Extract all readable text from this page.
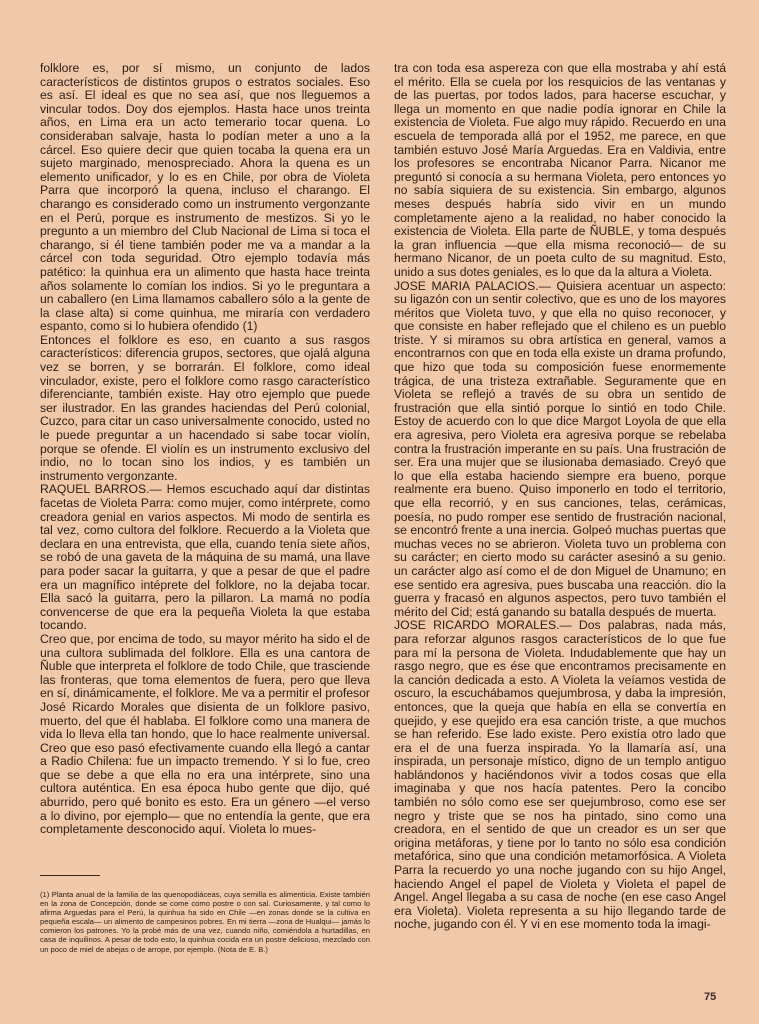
folklore es, por sí mismo, un conjunto de lados característicos de distintos grupos o estratos sociales. Eso es así. El ideal es que no sea así, que nos lleguemos a vincular todos. Doy dos ejemplos. Hasta hace unos treinta años, en Lima era un acto temerario tocar quena. Lo consideraban salvaje, hasta lo podían meter a uno a la cárcel. Eso quiere decir que quien tocaba la quena era un sujeto marginado, menospreciado. Ahora la quena es un elemento unificador, y lo es en Chile, por obra de Violeta Parra que incorporó la quena, incluso el charango. El charango es considerado como un instrumento vergonzante en el Perú, porque es instrumento de mestizos. Si yo le pregunto a un miembro del Club Nacional de Lima si toca el charango, si él tiene también poder me va a mandar a la cárcel con toda seguridad. Otro ejemplo todavía más patético: la quinhua era un alimento que hasta hace treinta años solamente lo comían los indios. Si yo le preguntara a un caballero (en Lima llamamos caballero sólo a la gente de la clase alta) si come quinhua, me miraría con verdadero espanto, como si lo hubiera ofendido (1)

Entonces el folklore es eso, en cuanto a sus rasgos característicos: diferencia grupos, sectores, que ojalá alguna vez se borren, y se borrarán. El folklore, como ideal vinculador, existe, pero el folklore como rasgo característico diferenciante, también existe. Hay otro ejemplo que puede ser ilustrador. En las grandes haciendas del Perú colonial, Cuzco, para citar un caso universalmente conocido, usted no le puede preguntar a un hacendado si sabe tocar violín, porque se ofende. El violín es un instrumento exclusivo del indio, no lo tocan sino los indios, y es también un instrumento vergonzante.

RAQUEL BARROS.— Hemos escuchado aquí dar distintas facetas de Violeta Parra: como mujer, como intérprete, como creadora genial en varios aspectos. Mi modo de sentirla es tal vez, como cultora del folklore. Recuerdo a la Violeta que declara en una entrevista, que ella, cuando tenía siete años, se robó de una gaveta de la máquina de su mamá, una llave para poder sacar la guitarra, y que a pesar de que el padre era un magnífico intéprete del folklore, no la dejaba tocar. Ella sacó la guitarra, pero la pillaron. La mamá no podía convencerse de que era la pequeña Violeta la que estaba tocando.

Creo que, por encima de todo, su mayor mérito ha sido el de una cultora sublimada del folklore. Ella es una cantora de Ñuble que interpreta el folklore de todo Chile, que trasciende las fronteras, que toma elementos de fuera, pero que lleva en sí, dinámicamente, el folklore. Me va a permitir el profesor José Ricardo Morales que disienta de un folklore pasivo, muerto, del que él hablaba. El folklore como una manera de vida lo lleva ella tan hondo, que lo hace realmente universal. Creo que eso pasó efectivamente cuando ella llegó a cantar a Radio Chilena: fue un impacto tremendo. Y si lo fue, creo que se debe a que ella no era una intérprete, sino una cultora auténtica. En esa época hubo gente que dijo, qué aburrido, pero qué bonito es esto. Era un género —el verso a lo divino, por ejemplo— que no entendía la gente, que era completamente desconocido aquí. Violeta lo mues-

tra con toda esa aspereza con que ella mostraba y ahí está el mérito. Ella se cuela por los resquicios de las ventanas y de las puertas, por todos lados, para hacerse escuchar, y llega un momento en que nadie podía ignorar en Chile la existencia de Violeta. Fue algo muy rápido. Recuerdo en una escuela de temporada allá por el 1952, me parece, en que también estuvo José María Arguedas. Era en Valdivia, entre los profesores se encontraba Nicanor Parra. Nicanor me preguntó si conocía a su hermana Violeta, pero entonces yo no sabía siquiera de su existencia. Sin embargo, algunos meses después habría sido vivir en un mundo completamente ajeno a la realidad, no haber conocido la existencia de Violeta. Ella parte de ÑUBLE, y toma después la gran influencia —que ella misma reconoció— de su hermano Nicanor, de un poeta culto de su magnitud. Esto, unido a sus dotes geniales, es lo que da la altura a Violeta.

JOSE MARIA PALACIOS.— Quisiera acentuar un aspecto: su ligazón con un sentir colectivo, que es uno de los mayores méritos que Violeta tuvo, y que ella no quiso reconocer, y que consiste en haber reflejado que el chileno es un pueblo triste. Y si miramos su obra artística en general, vamos a encontrarnos con que en toda ella existe un drama profundo, que hizo que toda su composición fuese enormemente trágica, de una tristeza extrañable. Seguramente que en Violeta se reflejó a través de su obra un sentido de frustración que ella sintió porque lo sintió en todo Chile. Estoy de acuerdo con lo que dice Margot Loyola de que ella era agresiva, pero Violeta era agresiva porque se rebelaba contra la frustración imperante en su país. Una frustración de ser. Era una mujer que se ilusionaba demasiado. Creyó que lo que ella estaba haciendo siempre era bueno, porque realmente era bueno. Quiso imponerlo en todo el territorio, que ella recorrió, y en sus canciones, telas, cerámicas, poesía, no pudo romper ese sentido de frustración nacional, se encontró frente a una inercia. Golpeó muchas puertas que muchas veces no se abrieron. Violeta tuvo un problema con su carácter; en cierto modo su carácter asesinó a su genio. un carácter algo así como el de don Miguel de Unamuno; en ese sentido era agresiva, pues buscaba una reacción. dio la guerra y fracasó en algunos aspectos, pero tuvo también el mérito del Cid; está ganando su batalla después de muerta.

JOSE RICARDO MORALES.— Dos palabras, nada más, para reforzar algunos rasgos característicos de lo que fue para mí la persona de Violeta. Indudablemente que hay un rasgo negro, que es ése que encontramos precisamente en la canción dedicada a esto. A Violeta la veíamos vestida de oscuro, la escuchábamos quejumbrosa, y daba la impresión, entonces, que la queja que había en ella se convertía en quejido, y ese quejido era esa canción triste, a que muchos se han referido. Ese lado existe. Pero existía otro lado que era el de una fuerza inspirada. Yo la llamaría así, una inspirada, un personaje místico, digno de un templo antiguo hablándonos y haciéndonos vivir a todos cosas que ella imaginaba y que nos hacía patentes. Pero la concibo también no sólo como ese ser quejumbroso, como ese ser negro y triste que se nos ha pintado, sino como una creadora, en el sentido de que un creador es un ser que origina metáforas, y tiene por lo tanto no sólo esa condición metafórica, sino que una condición metamorfósica. A Violeta Parra la recuerdo yo una noche jugando con su hijo Angel, haciendo Angel el papel de Violeta y Violeta el papel de Angel. Angel llegaba a su casa de noche (en ese caso Angel era Violeta). Violeta representa a su hijo llegando tarde de noche, jugando con él. Y vi en ese momento toda la imagi-

(1) Planta anual de la familia de las quenopodiáceas, cuya semilla es alimenticia. Existe también en la zona de Concepción, donde se come como postre o con sal. Curiosamente, y tal como lo afirma Arguedas para el Perú, la quinhua ha sido en Chile —en zonas donde se la cultiva en pequeña escala— un alimento de campesinos pobres. En mi tierra —zona de Hualqui— jamás lo comieron los patrones. Yo la probé más de una vez, cuando niño, comiéndola a hurtadillas, en casa de inquilinos. A pesar de todo esto, la quinhua cocida era un postre delicioso, mezclado con un poco de miel de abejas o de arrope, por ejemplo. (Nota de E. B.)

75
